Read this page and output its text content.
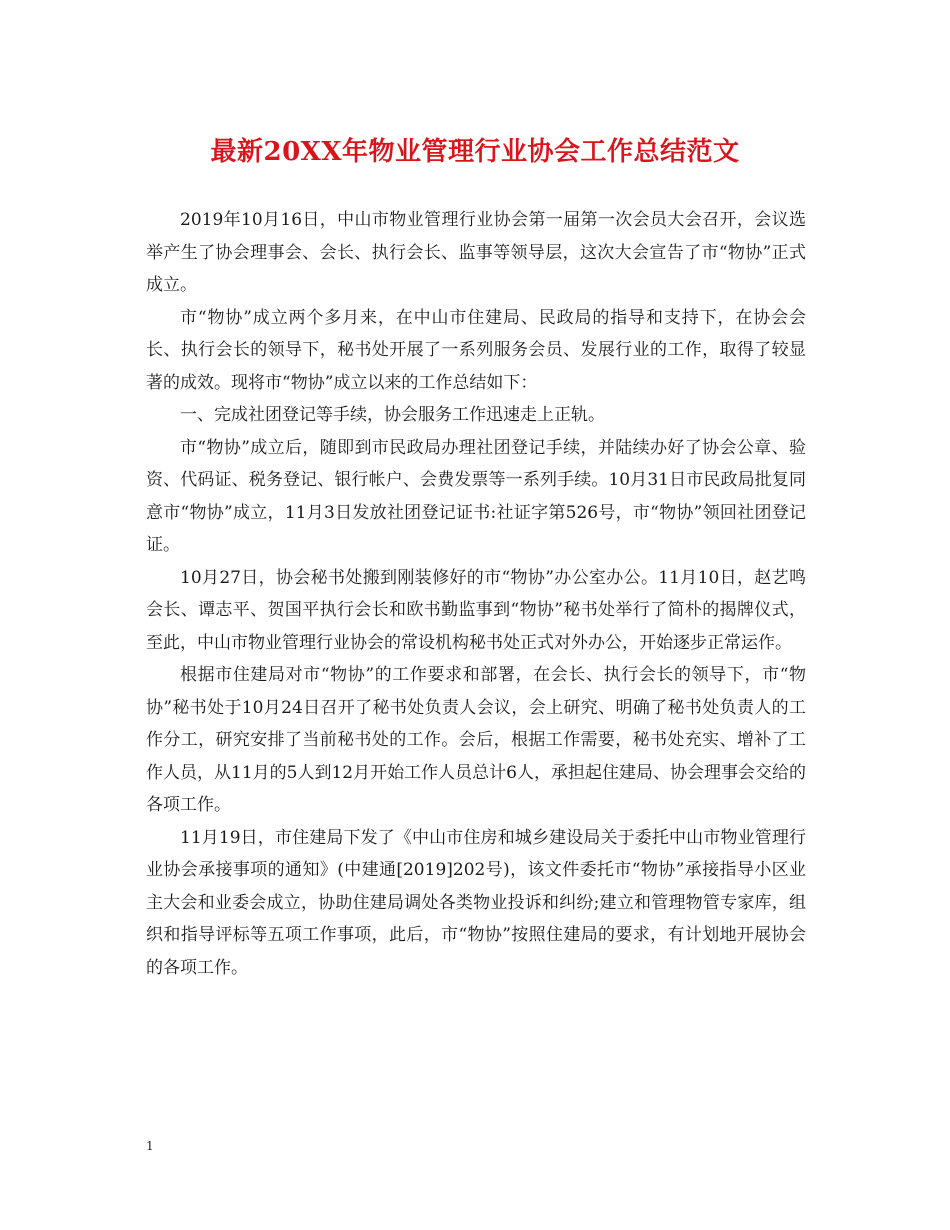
最新20XX年物业管理行业协会工作总结范文

2019年10月16日，中山市物业管理行业协会第一届第一次会员大会召开，会议选举产生了协会理事会、会长、执行会长、监事等领导层，这次大会宣告了市“物协”正式成立。

市“物协”成立两个多月来，在中山市住建局、民政局的指导和支持下，在协会会长、执行会长的领导下，秘书处开展了一系列服务会员、发展行业的工作，取得了较显著的成效。现将市“物协”成立以来的工作总结如下：

一、完成社团登记等手续，协会服务工作迅速走上正轨。

市“物协”成立后，随即到市民政局办理社团登记手续，并陆续办好了协会公章、验资、代码证、税务登记、银行帐户、会费发票等一系列手续。10月31日市民政局批复同意市“物协”成立，11月3日发放社团登记证书:社证字第526号，市“物协”领回社团登记证。

10月27日，协会秘书处搬到刚装修好的市“物协”办公室办公。11月10日，赵艺鸣会长、谭志平、贺国平执行会长和欧书勤监事到“物协”秘书处举行了简朴的揭牌仪式，至此，中山市物业管理行业协会的常设机构秘书处正式对外办公，开始逐步正常运作。

根据市住建局对市“物协”的工作要求和部署，在会长、执行会长的领导下，市“物协”秘书处于10月24日召开了秘书处负责人会议，会上研究、明确了秘书处负责人的工作分工，研究安排了当前秘书处的工作。会后，根据工作需要，秘书处充实、增补了工作人员，从11月的5人到12月开始工作人员总计6人，承担起住建局、协会理事会交给的各项工作。

11月19日，市住建局下发了《中山市住房和城乡建设局关于委托中山市物业管理行业协会承接事项的通知》(中建通[2019]202号)，该文件委托市“物协”承接指导小区业主大会和业委会成立，协助住建局调处各类物业投诉和纠纷;建立和管理物管专家库，组织和指导评标等五项工作事项，此后，市“物协”按照住建局的要求，有计划地开展协会的各项工作。

1
